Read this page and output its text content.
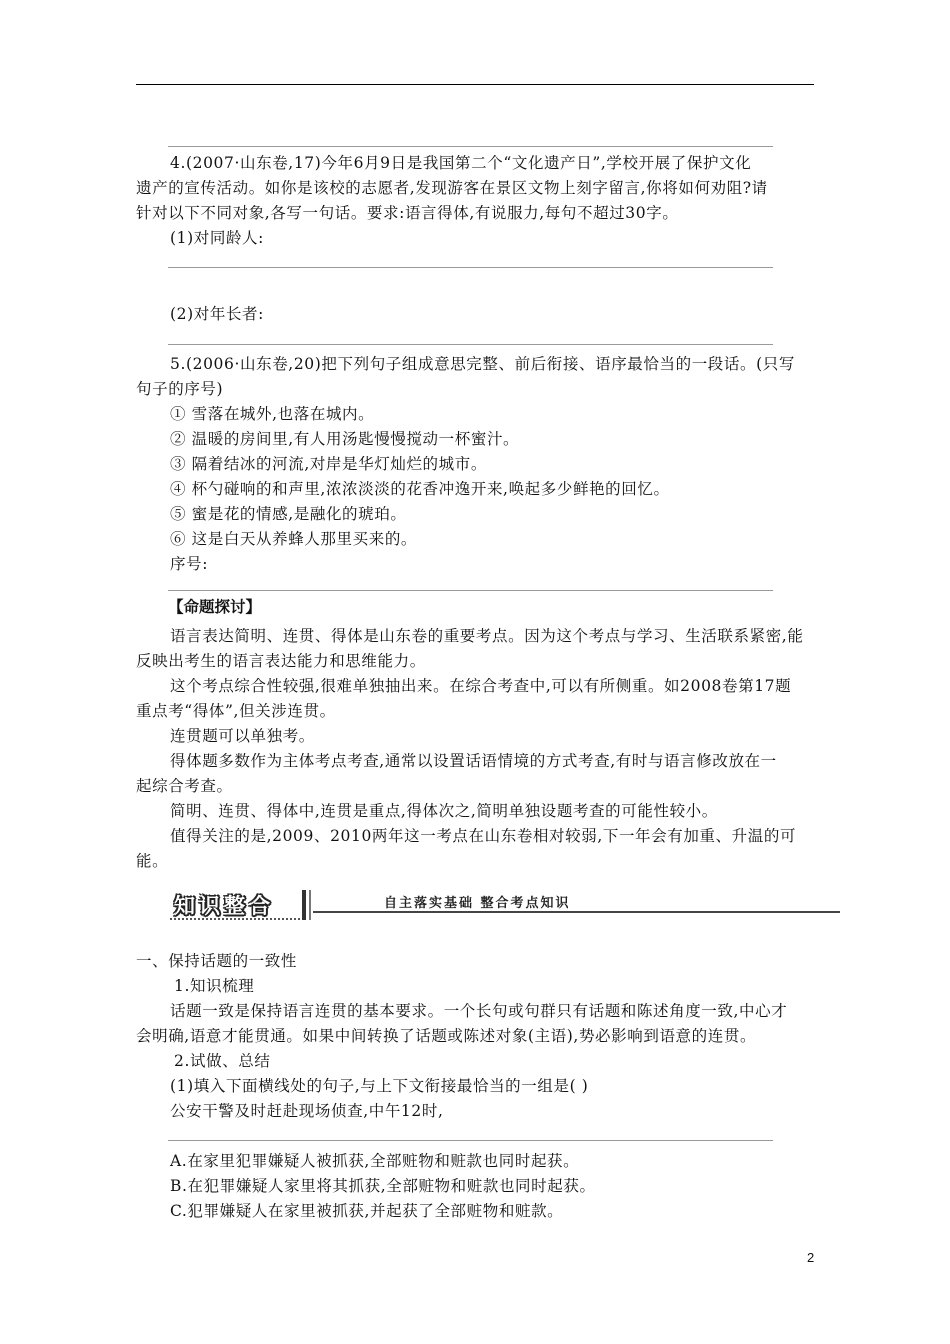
4.(2007·山东卷,17)今年6月9日是我国第二个“文化遗产日”,学校开展了保护文化
遗产的宣传活动。如你是该校的志愿者,发现游客在景区文物上刻字留言,你将如何劝阻?请
针对以下不同对象,各写一句话。要求:语言得体,有说服力,每句不超过30字。
(1)对同龄人:
(2)对年长者:
5.(2006·山东卷,20)把下列句子组成意思完整、前后衔接、语序最恰当的一段话。(只写
句子的序号)
① 雪落在城外,也落在城内。
② 温暖的房间里,有人用汤匙慢慢搅动一杯蜜汁。
③ 隔着结冰的河流,对岸是华灯灿烂的城市。
④ 杯勺碰响的和声里,浓浓淡淡的花香冲逸开来,唤起多少鲜艳的回忆。
⑤ 蜜是花的情感,是融化的琥珀。
⑥ 这是白天从养蜂人那里买来的。
序号:
【命题探讨】
语言表达简明、连贯、得体是山东卷的重要考点。因为这个考点与学习、生活联系紧密,能
反映出考生的语言表达能力和思维能力。
这个考点综合性较强,很难单独抽出来。在综合考查中,可以有所侧重。如2008卷第17题
重点考“得体”,但关涉连贯。
连贯题可以单独考。
得体题多数作为主体考点考查,通常以设置话语情境的方式考查,有时与语言修改放在一
起综合考查。
简明、连贯、得体中,连贯是重点,得体次之,简明单独设题考查的可能性较小。
值得关注的是,2009、2010两年这一考点在山东卷相对较弱,下一年会有加重、升温的可
能。
知识整合	自主落实基础 整合考点知识
一、保持话题的一致性
1.知识梳理
话题一致是保持语言连贯的基本要求。一个长句或句群只有话题和陈述角度一致,中心才
会明确,语意才能贯通。如果中间转换了话题或陈述对象(主语),势必影响到语意的连贯。
2.试做、总结
(1)填入下面横线处的句子,与上下文衔接最恰当的一组是( )
公安干警及时赶赴现场侦查,中午12时,
A.在家里犯罪嫌疑人被抓获,全部赃物和赃款也同时起获。
B.在犯罪嫌疑人家里将其抓获,全部赃物和赃款也同时起获。
C.犯罪嫌疑人在家里被抓获,并起获了全部赃物和赃款。
2
